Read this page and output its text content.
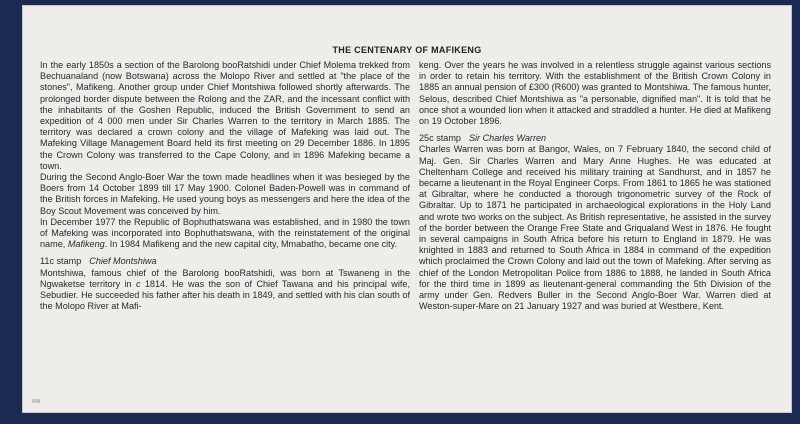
THE CENTENARY OF MAFIKENG

In the early 1850s a section of the Barolong booRatshidi under Chief Molema trekked from Bechuanaland (now Botswana) across the Molopo River and settled at "the place of the stones", Mafikeng. Another group under Chief Montshiwa followed shortly afterwards. The prolonged border dispute between the Rolong and the ZAR, and the incessant conflict with the inhabitants of the Goshen Republic, induced the British Government to send an expedition of 4 000 men under Sir Charles Warren to the territory in March 1885. The territory was declared a crown colony and the village of Mafeking was laid out. The Mafeking Village Management Board held its first meeting on 29 December 1886. In 1895 the Crown Colony was transferred to the Cape Colony, and in 1896 Mafeking became a town.

During the Second Anglo-Boer War the town made headlines when it was besieged by the Boers from 14 October 1899 till 17 May 1900. Colonel Baden-Powell was in command of the British forces in Mafeking. He used young boys as messengers and here the idea of the Boy Scout Movement was conceived by him.

In December 1977 the Republic of Bophuthatswana was established, and in 1980 the town of Mafeking was incorporated into Bophuthatswana, with the reinstatement of the original name, Mafikeng. In 1984 Mafikeng and the new capital city, Mmabatho, became one city.

11c stamp Chief Montshiwa

Montshiwa, famous chief of the Barolong booRatshidi, was born at Tswaneng in the Ngwaketse territory in c 1814. He was the son of Chief Tawana and his principal wife, Sebudier. He succeeded his father after his death in 1849, and settled with his clan south of the Molopo River at Mafi-

keng. Over the years he was involved in a relentless struggle against various sections in order to retain his territory. With the establishment of the British Crown Colony in 1885 an annual pension of £300 (R600) was granted to Montshiwa. The famous hunter, Selous, described Chief Montshiwa as "a personable, dignified man". It is told that he once shot a wounded lion when it attacked and straddled a hunter. He died at Mafikeng on 19 October 1896.

25c stamp Sir Charles Warren

Charles Warren was born at Bangor, Wales, on 7 February 1840, the second child of Maj. Gen. Sir Charles Warren and Mary Anne Hughes. He was educated at Cheltenham College and received his military training at Sandhurst, and in 1857 he became a lieutenant in the Royal Engineer Corps. From 1861 to 1865 he was stationed at Gibraltar, where he conducted a thorough trigonometric survey of the Rock of Gibraltar. Up to 1871 he participated in archaeological explorations in the Holy Land and wrote two works on the subject. As British representative, he assisted in the survey of the border between the Orange Free State and Griqualand West in 1876. He fought in several campaigns in South Africa before his return to England in 1879. He was knighted in 1883 and returned to South Africa in 1884 in command of the expedition which proclaimed the Crown Colony and laid out the town of Mafeking. After serving as chief of the London Metropolitan Police from 1886 to 1888, he landed in South Africa for the third time in 1899 as lieutenant-general commanding the 5th Division of the army under Gen. Redvers Buller in the Second Anglo-Boer War. Warren died at Weston-super-Mare on 21 January 1927 and was buried at Westbere, Kent.

NW
